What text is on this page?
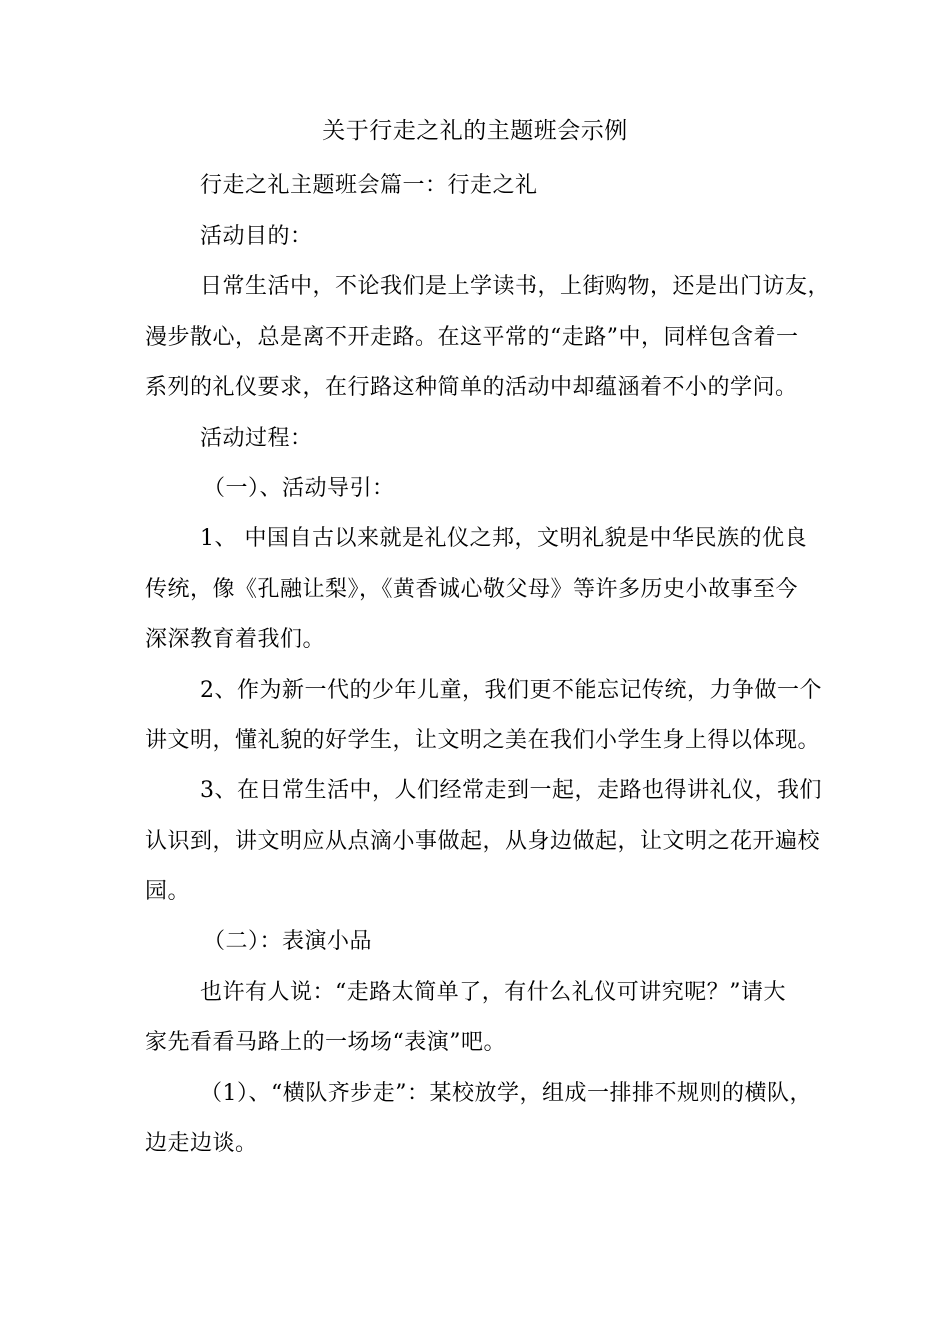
关于行走之礼的主题班会示例
行走之礼主题班会篇一：行走之礼
活动目的：
日常生活中，不论我们是上学读书，上街购物，还是出门访友，
漫步散心，总是离不开走路。在这平常的“走路”中，同样包含着一
系列的礼仪要求，在行路这种简单的活动中却蕴涵着不小的学问。
活动过程：
（一）、活动导引：
1、 中国自古以来就是礼仪之邦，文明礼貌是中华民族的优良
传统，像《孔融让梨》，《黄香诚心敬父母》等许多历史小故事至今
深深教育着我们。
2、作为新一代的少年儿童，我们更不能忘记传统，力争做一个
讲文明，懂礼貌的好学生，让文明之美在我们小学生身上得以体现。
3、在日常生活中，人们经常走到一起，走路也得讲礼仪，我们
认识到，讲文明应从点滴小事做起，从身边做起，让文明之花开遍校
园。
（二）：表演小品
也许有人说：“走路太简单了，有什么礼仪可讲究呢？”请大
家先看看马路上的一场场“表演”吧。
（1）、“横队齐步走”：某校放学，组成一排排不规则的横队，
边走边谈。
